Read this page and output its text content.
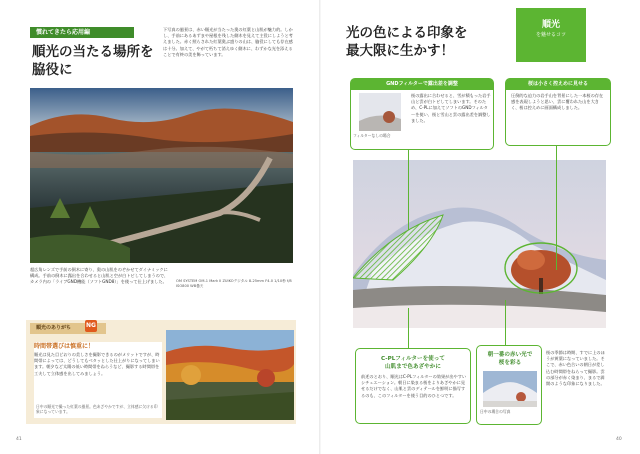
慣れてきたら応用編
順光の当たる場所を
脇役に
下写真の風景は、赤い順光が当たった奥の紅葉と山肌が魅力的。しかし、手前にあるあずまや屋根を残した側木を見えて主役にしようと考えました。赤く照らされた紅葉奥ぶ盛りの山は、脇役にしても存在感は十分。加えて、やがて朽ちて消えゆく側木に、わずかな光を添えることで有終の美を飾っています。
超広角レンズで手前の倒木に寄り、奥の山肌をのぞかせてダイナミックに構成。手前の倒木に露出を合わせると山肌と空が白トビしてしまうので、カメラ内の「ライブGND機能（ソフトGND8）」を使って仕上げました。	OM SYSTEM OM-1 Mark II ZUIKOデジタル 8-25mm F4.0 1/10秒 f/8 ISO800 WB曇天
順光のありがち	NG
時間帯選びは慎重に！
順光は見た目どおりの美しさを撮影できるのがメリットですが、時間帯によっては、どうしてもベタッとした仕上がりになってしまいます。朝夕など太陽の低い時間帯をねらうなど、撮影する時間帯を工夫して立体感を出してみましょう。
日中の順光で撮った紅葉の風景。色あざやかですが、立体感に欠ける印象になっています。
41
光の色による印象を
最大限に生かす！
順光
を魅せるコツ
GNDフィルターで露出差を調整
フィルターなしの場合
桜の露出に合わせると、雪が積もった岩手山と雲が白トビしてしまいます。そのため、C-PLに加えてソフトのGNDフィルターを使い、桜と雪山と雲の露出差を調整しました。
桜は小さく控えめに見せる
圧倒的な迫力の岩手山を背景にした一本桜の存在感を表現しようと思い、雲に覆われた山を大きく、桜は控えめに画面構成しました。
C-PLフィルターを使って
山肌まで色あざやかに
前述のとおり、順光はC-PLフィルターの効果が出やすいシチュエーション。朝日に染まる桜をよりあざやかに見せるだけでなく、山肌と雲のディテールを鮮明に描写するのも、このフィルターを使う目的のひとつです。
朝一番の赤い光で
桜を彩る
日中の場合の写真
桜の季節は時期、すでに上のほうが黄葉になっていました。そこで、赤い色合いの朝日が差し込む時間帯をねらって撮影。雲の部分が赤く染まり、まるで満開のような印象になりました。
40
